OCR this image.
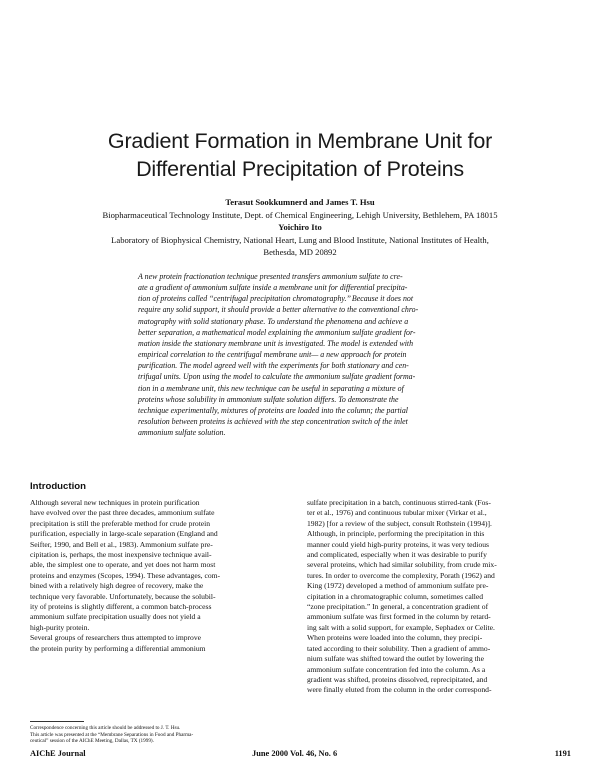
Gradient Formation in Membrane Unit for
Differential Precipitation of Proteins
Terasut Sookkumnerd and James T. Hsu
Biopharmaceutical Technology Institute, Dept. of Chemical Engineering, Lehigh University, Bethlehem, PA 18015
Yoichiro Ito
Laboratory of Biophysical Chemistry, National Heart, Lung and Blood Institute, National Institutes of Health,
Bethesda, MD 20892
A new protein fractionation technique presented transfers ammonium sulfate to cre-
ate a gradient of ammonium sulfate inside a membrane unit for differential precipita-
tion of proteins called “centrifugal precipitation chromatography.’’ Because it does not
require any solid support, it should provide a better alternative to the conventional chro-
matography with solid stationary phase. To understand the phenomena and achieve a
better separation, a mathematical model explaining the ammonium sulfate gradient for-
mation inside the stationary membrane unit is investigated. The model is extended with
empirical correlation to the centrifugal membrane unit— a new approach for protein
purification. The model agreed well with the experiments for both stationary and cen-
trifugal units. Upon using the model to calculate the ammonium sulfate gradient forma-
tion in a membrane unit, this new technique can be useful in separating a mixture of
proteins whose solubility in ammonium sulfate solution differs. To demonstrate the
technique experimentally, mixtures of proteins are loaded into the column; the partial
resolution between proteins is achieved with the step concentration switch of the inlet
ammonium sulfate solution.
Introduction
Although several new techniques in protein purification
have evolved over the past three decades, ammonium sulfate
precipitation is still the preferable method for crude protein
purification, especially in large-scale separation (England and
Seifter, 1990, and Bell et al., 1983). Ammonium sulfate pre-
cipitation is, perhaps, the most inexpensive technique avail-
able, the simplest one to operate, and yet does not harm most
proteins and enzymes (Scopes, 1994). These advantages, com-
bined with a relatively high degree of recovery, make the
technique very favorable. Unfortunately, because the solubil-
ity of proteins is slightly different, a common batch-process
ammonium sulfate precipitation usually does not yield a
high-purity protein.
Several groups of researchers thus attempted to improve
the protein purity by performing a differential ammonium
sulfate precipitation in a batch, continuous stirred-tank (Fos-
ter et al., 1976) and continuous tubular mixer (Virkar et al.,
1982) [for a review of the subject, consult Rothstein (1994)].
Although, in principle, performing the precipitation in this
manner could yield high-purity proteins, it was very tedious
and complicated, especially when it was desirable to purify
several proteins, which had similar solubility, from crude mix-
tures. In order to overcome the complexity, Porath (1962) and
King (1972) developed a method of ammonium sulfate pre-
cipitation in a chromatographic column, sometimes called
“zone precipitation.” In general, a concentration gradient of
ammonium sulfate was first formed in the column by retard-
ing salt with a solid support, for example, Sephadex or Celite.
When proteins were loaded into the column, they precipi-
tated according to their solubility. Then a gradient of ammo-
nium sulfate was shifted toward the outlet by lowering the
ammonium sulfate concentration fed into the column. As a
gradient was shifted, proteins dissolved, reprecipitated, and
were finally eluted from the column in the order correspond-
Correspondence concerning this article should be addressed to J. T. Hsu.
This article was presented at the “Membrane Separations in Food and Pharma-
ceutical” session of the AIChE Meeting, Dallas, TX (1999).
AIChE Journal	June 2000 Vol. 46, No. 6	1191
